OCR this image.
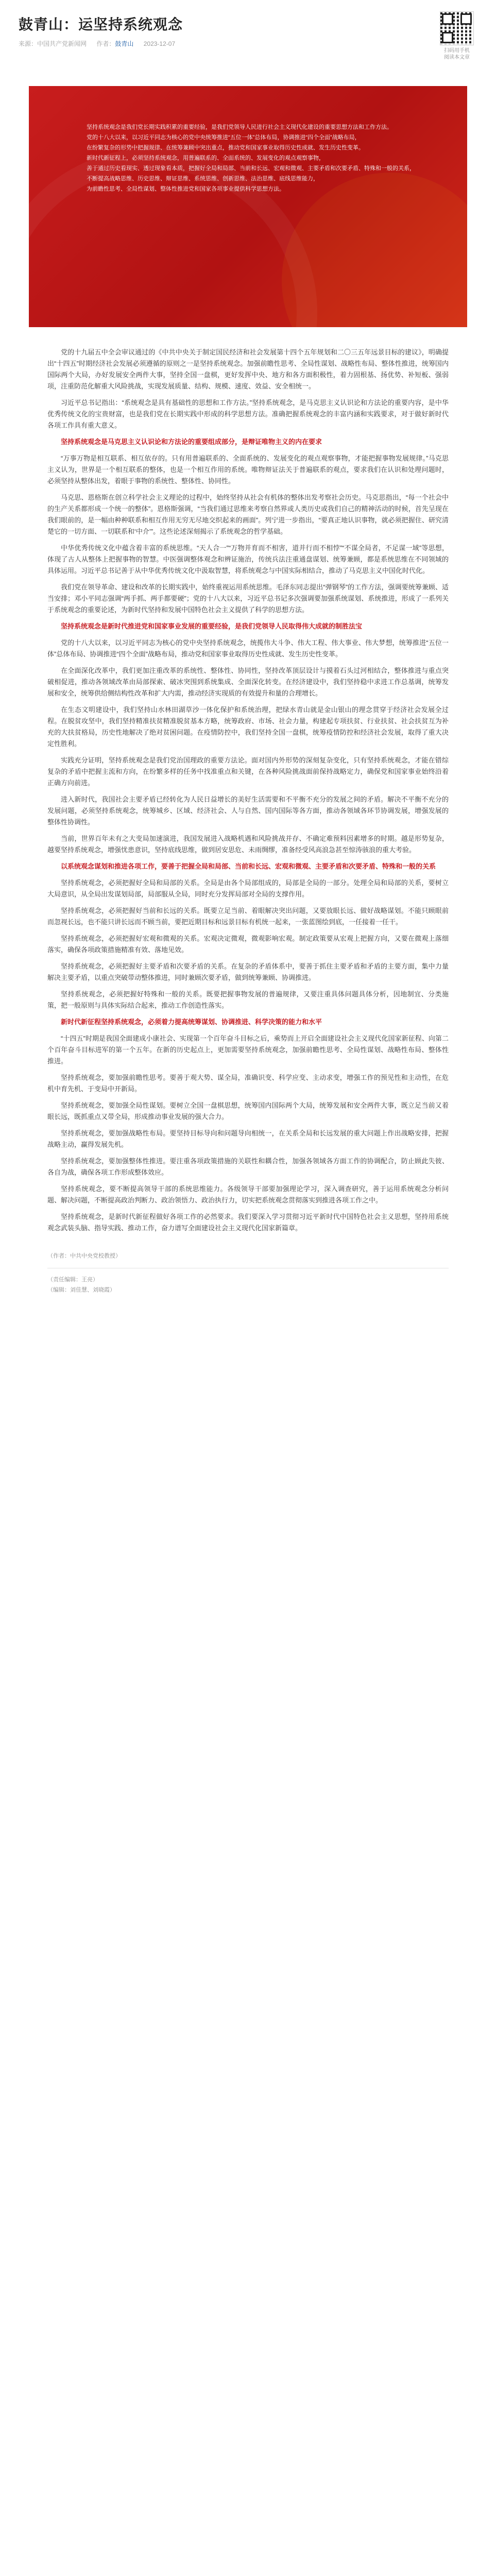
鼓青山：运坚持系统观念
来源：中国共产党新闻网 作者：鼓青山 2023-12-07
扫码用手机
阅读本文章

坚持系统观念是我们党长期实践积累的重要经验，是我们党领导人民进行社会主义现代化建设的重要思想方法和工作方法。

党的十八大以来，以习近平同志为核心的党中央统筹推进“五位一体”总体布局，协调推进“四个全面”战略布局，

在纷繁复杂的形势中把握规律、在统筹兼顾中突出重点，推动党和国家事业取得历史性成就、发生历史性变革。

新时代新征程上，必须坚持系统观念，用普遍联系的、全面系统的、发展变化的观点观察事物，

善于通过历史看现实、透过现象看本质，把握好全局和局部、当前和长远、宏观和微观、主要矛盾和次要矛盾、特殊和一般的关系，

不断提高战略思维、历史思维、辩证思维、系统思维、创新思维、法治思维、底线思维能力，

为前瞻性思考、全局性谋划、整体性推进党和国家各项事业提供科学思想方法。

党的十九届五中全会审议通过的《中共中央关于制定国民经济和社会发展第十四个五年规划和二〇三五年远景目标的建议》，明确提出“十四五”时期经济社会发展必须遵循的原则之一是坚持系统观念。加强前瞻性思考、全局性谋划、战略性布局、整体性推进，统筹国内国际两个大局，办好发展安全两件大事，坚持全国一盘棋，更好发挥中央、地方和各方面积极性，着力固根基、扬优势、补短板、强弱项，注重防范化解重大风险挑战，实现发展质量、结构、规模、速度、效益、安全相统一。

习近平总书记指出：“系统观念是具有基础性的思想和工作方法。”坚持系统观念，是马克思主义认识论和方法论的重要内容，是中华优秀传统文化的宝贵财富，也是我们党在长期实践中形成的科学思想方法。准确把握系统观念的丰富内涵和实践要求，对于做好新时代各项工作具有重大意义。

坚持系统观念是马克思主义认识论和方法论的重要组成部分，是辩证唯物主义的内在要求

“万事万物是相互联系、相互依存的。只有用普遍联系的、全面系统的、发展变化的观点观察事物，才能把握事物发展规律。”马克思主义认为，世界是一个相互联系的整体，也是一个相互作用的系统。唯物辩证法关于普遍联系的观点，要求我们在认识和处理问题时，必须坚持从整体出发，着眼于事物的系统性、整体性、协同性。

马克思、恩格斯在创立科学社会主义理论的过程中，始终坚持从社会有机体的整体出发考察社会历史。马克思指出，“每一个社会中的生产关系都形成一个统一的整体”。恩格斯强调，“当我们通过思维来考察自然界或人类历史或我们自己的精神活动的时候，首先呈现在我们眼前的，是一幅由种种联系和相互作用无穷无尽地交织起来的画面”。列宁进一步指出，“要真正地认识事物，就必须把握住、研究清楚它的一切方面、一切联系和‘中介’”。这些论述深刻揭示了系统观念的哲学基础。

中华优秀传统文化中蕴含着丰富的系统思维。“天人合一”“万物并育而不相害，道并行而不相悖”“不谋全局者，不足谋一域”等思想，体现了古人从整体上把握事物的智慧。中医强调整体观念和辨证施治，传统兵法注重通盘谋划、统筹兼顾，都是系统思维在不同领域的具体运用。习近平总书记善于从中华优秀传统文化中汲取智慧，将系统观念与中国实际相结合，推动了马克思主义中国化时代化。

我们党在领导革命、建设和改革的长期实践中，始终重视运用系统思维。毛泽东同志提出“弹钢琴”的工作方法，强调要统筹兼顾、适当安排；邓小平同志强调“两手抓、两手都要硬”；党的十八大以来，习近平总书记多次强调要加强系统谋划、系统推进，形成了一系列关于系统观念的重要论述，为新时代坚持和发展中国特色社会主义提供了科学的思想方法。

坚持系统观念是新时代推进党和国家事业发展的重要经验，是我们党领导人民取得伟大成就的制胜法宝

党的十八大以来，以习近平同志为核心的党中央坚持系统观念，统揽伟大斗争、伟大工程、伟大事业、伟大梦想，统筹推进“五位一体”总体布局、协调推进“四个全面”战略布局，推动党和国家事业取得历史性成就、发生历史性变革。

在全面深化改革中，我们更加注重改革的系统性、整体性、协同性，坚持改革顶层设计与摸着石头过河相结合，整体推进与重点突破相促进，推动各领域改革由局部探索、破冰突围到系统集成、全面深化转变。在经济建设中，我们坚持稳中求进工作总基调，统筹发展和安全，统筹供给侧结构性改革和扩大内需，推动经济实现质的有效提升和量的合理增长。

在生态文明建设中，我们坚持山水林田湖草沙一体化保护和系统治理，把绿水青山就是金山银山的理念贯穿于经济社会发展全过程。在脱贫攻坚中，我们坚持精准扶贫精准脱贫基本方略，统筹政府、市场、社会力量，构建起专项扶贫、行业扶贫、社会扶贫互为补充的大扶贫格局，历史性地解决了绝对贫困问题。在疫情防控中，我们坚持全国一盘棋，统筹疫情防控和经济社会发展，取得了重大决定性胜利。

实践充分证明，坚持系统观念是我们党治国理政的重要方法论。面对国内外形势的深刻复杂变化，只有坚持系统观念，才能在错综复杂的矛盾中把握主流和方向，在纷繁多样的任务中找准重点和关键，在各种风险挑战面前保持战略定力，确保党和国家事业始终沿着正确方向前进。

进入新时代，我国社会主要矛盾已经转化为人民日益增长的美好生活需要和不平衡不充分的发展之间的矛盾。解决不平衡不充分的发展问题，必须坚持系统观念，统筹城乡、区域、经济社会、人与自然、国内国际等各方面，推动各领域各环节协调发展，增强发展的整体性协调性。

当前，世界百年未有之大变局加速演进，我国发展进入战略机遇和风险挑战并存、不确定难预料因素增多的时期。越是形势复杂，越要坚持系统观念，增强忧患意识，坚持底线思维，做到居安思危、未雨绸缪，准备经受风高浪急甚至惊涛骇浪的重大考验。

以系统观念谋划和推进各项工作，要善于把握全局和局部、当前和长远、宏观和微观、主要矛盾和次要矛盾、特殊和一般的关系

坚持系统观念，必须把握好全局和局部的关系。全局是由各个局部组成的，局部是全局的一部分。处理全局和局部的关系，要树立大局意识，从全局出发谋划局部，局部服从全局，同时充分发挥局部对全局的支撑作用。

坚持系统观念，必须把握好当前和长远的关系。既要立足当前、着眼解决突出问题，又要放眼长远、做好战略谋划。不能只顾眼前而忽视长远，也不能只讲长远而不顾当前，要把近期目标和远景目标有机统一起来，一张蓝图绘到底，一任接着一任干。

坚持系统观念，必须把握好宏观和微观的关系。宏观决定微观，微观影响宏观。制定政策要从宏观上把握方向，又要在微观上落细落实，确保各项政策措施精准有效、落地见效。

坚持系统观念，必须把握好主要矛盾和次要矛盾的关系。在复杂的矛盾体系中，要善于抓住主要矛盾和矛盾的主要方面，集中力量解决主要矛盾，以重点突破带动整体推进，同时兼顾次要矛盾，做到统筹兼顾、协调推进。

坚持系统观念，必须把握好特殊和一般的关系。既要把握事物发展的普遍规律，又要注重具体问题具体分析，因地制宜、分类施策，把一般原则与具体实际结合起来，推动工作创造性落实。

新时代新征程坚持系统观念，必须着力提高统筹谋划、协调推进、科学决策的能力和水平

“十四五”时期是我国全面建成小康社会、实现第一个百年奋斗目标之后，乘势而上开启全面建设社会主义现代化国家新征程、向第二个百年奋斗目标进军的第一个五年。在新的历史起点上，更加需要坚持系统观念，加强前瞻性思考、全局性谋划、战略性布局、整体性推进。

坚持系统观念，要加强前瞻性思考。要善于观大势、谋全局，准确识变、科学应变、主动求变，增强工作的预见性和主动性，在危机中育先机、于变局中开新局。

坚持系统观念，要加强全局性谋划。要树立全国一盘棋思想，统筹国内国际两个大局，统筹发展和安全两件大事，既立足当前又着眼长远，既抓重点又带全局，形成推动事业发展的强大合力。

坚持系统观念，要加强战略性布局。要坚持目标导向和问题导向相统一，在关系全局和长远发展的重大问题上作出战略安排，把握战略主动，赢得发展先机。

坚持系统观念，要加强整体性推进。要注重各项政策措施的关联性和耦合性，加强各领域各方面工作的协调配合，防止顾此失彼、各自为战，确保各项工作形成整体效应。

坚持系统观念，要不断提高领导干部的系统思维能力。各级领导干部要加强理论学习，深入调查研究，善于运用系统观念分析问题、解决问题，不断提高政治判断力、政治领悟力、政治执行力，切实把系统观念贯彻落实到推进各项工作之中。

坚持系统观念，是新时代新征程做好各项工作的必然要求。我们要深入学习贯彻习近平新时代中国特色社会主义思想，坚持用系统观念武装头脑、指导实践、推动工作，奋力谱写全面建设社会主义现代化国家新篇章。

（作者：中共中央党校教授）
（责任编辑：王亮）
（编辑：刘佳慧、刘晓霞）
